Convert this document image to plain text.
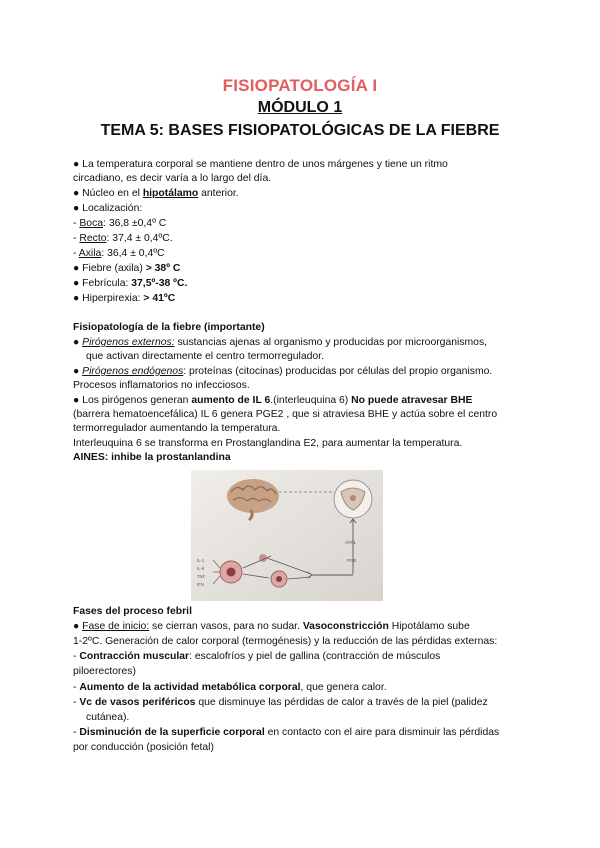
FISIOPATOLOGÍA I
MÓDULO 1
TEMA 5: BASES FISIOPATOLÓGICAS DE LA FIEBRE
● La temperatura corporal se mantiene dentro de unos márgenes y tiene un ritmo
circadiano, es decir varía a lo largo del día.
● Núcleo en el hipotálamo anterior.
● Localización:
- Boca: 36,8 ±0,4º C
- Recto: 37,4 ± 0,4ºC.
- Axila: 36,4 ± 0,4ºC
● Fiebre (axila) > 38º C
● Febrícula: 37,5º-38 ºC.
● Hiperpirexia: > 41ºC
Fisiopatología de la fiebre (importante)
● Pirógenos externos: sustancias ajenas al organismo y producidas por microorganismos,
que activan directamente el centro termorregulador.
● Pirógenos endógenos: proteínas (citocinas) producidas por células del propio organismo.
Procesos inflamatorios no infecciosos.
● Los pirógenos generan aumento de IL 6.(interleuquina 6) No puede atravesar BHE
(barrera hematoencefálica) IL 6 genera PGE2 , que si atraviesa BHE y actúa sobre el centro
termorregulador aumentando la temperatura.
Interleuquina 6 se transforma en Prostanglandina E2, para aumentar la temperatura.
AINES: inhibe la prostanlandina
ATP1
PGE
IL-1
IL-6
TNF
IFN
Fases del proceso febril
● Fase de inicio: se cierran vasos, para no sudar. Vasoconstricción Hipotálamo sube
1-2ºC. Generación de calor corporal (termogénesis) y la reducción de las pérdidas externas:
- Contracción muscular: escalofríos y piel de gallina (contracción de músculos
piloerectores)
- Aumento de la actividad metabólica corporal, que genera calor.
- Vc de vasos periféricos que disminuye las pérdidas de calor a través de la piel (palidez
cutánea).
- Disminución de la superficie corporal en contacto con el aire para disminuir las pérdidas
por conducción (posición fetal)
